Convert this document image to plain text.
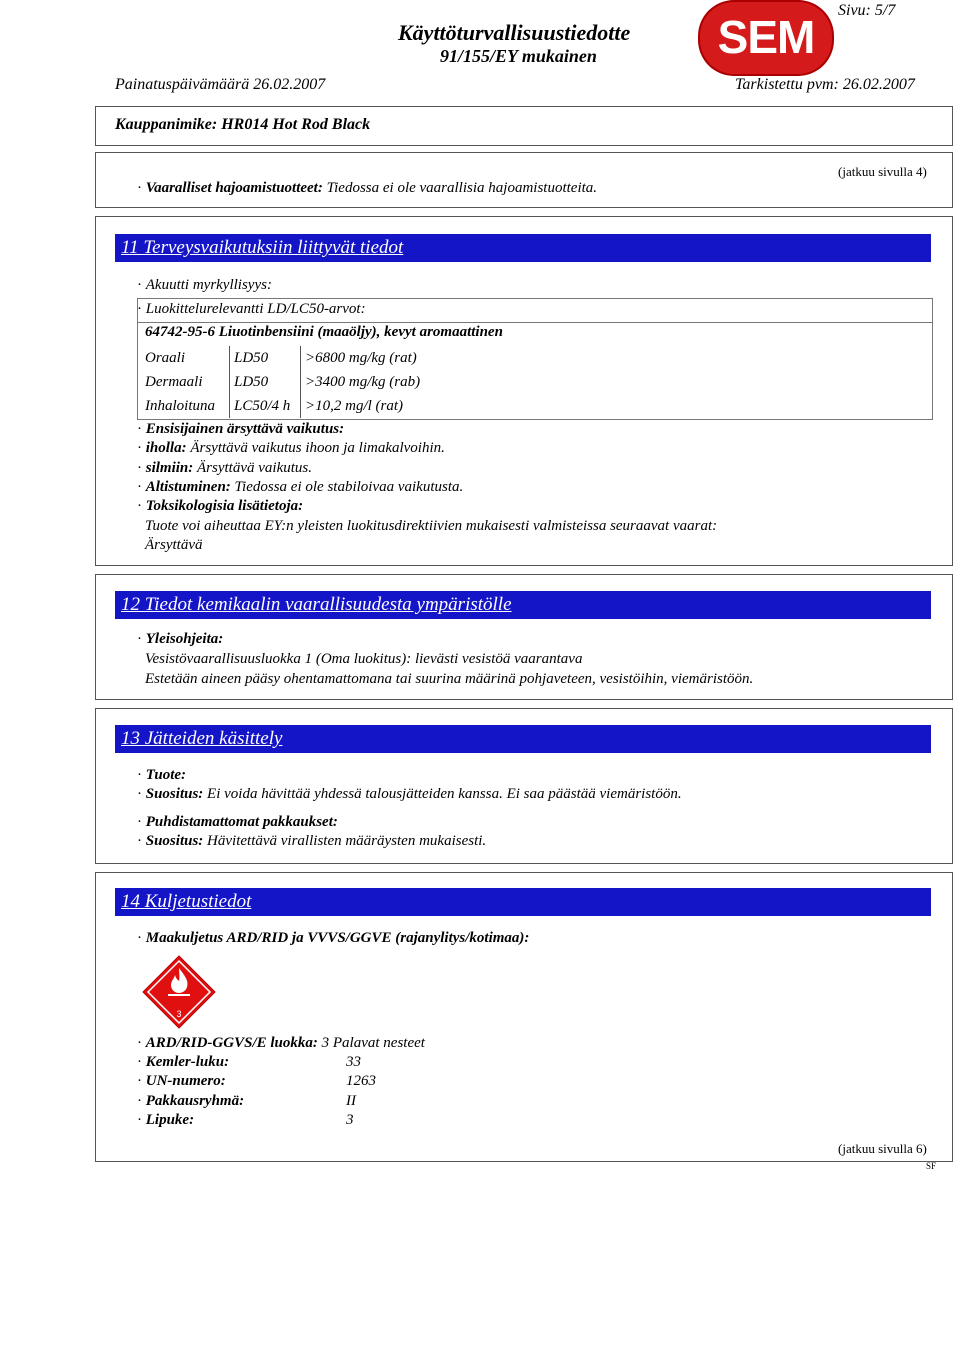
Sivu: 5/7
Käyttöturvallisuustiedotte
91/155/EY mukainen	SEM
Painatuspäivämäärä 26.02.2007	Tarkistettu pvm: 26.02.2007
Kauppanimike: HR014 Hot Rod Black
(jatkuu sivulla 4)
· Vaaralliset hajoamistuotteet: Tiedossa ei ole vaarallisia hajoamistuotteita.
11 Terveysvaikutuksiin liittyvät tiedot
· Akuutti myrkyllisyys:
· Luokittelurelevantti LD/LC50-arvot:
64742-95-6 Liuotinbensiini (maaöljy), kevyt aromaattinen
Oraali	LD50	>6800 mg/kg (rat)
Dermaali	LD50	>3400 mg/kg (rab)
Inhaloituna	LC50/4 h	>10,2 mg/l (rat)
· Ensisijainen ärsyttävä vaikutus:
· iholla: Ärsyttävä vaikutus ihoon ja limakalvoihin.
· silmiin: Ärsyttävä vaikutus.
· Altistuminen: Tiedossa ei ole stabiloivaa vaikutusta.
· Toksikologisia lisätietoja:
Tuote voi aiheuttaa EY:n yleisten luokitusdirektiivien mukaisesti valmisteissa seuraavat vaarat:
Ärsyttävä
12 Tiedot kemikaalin vaarallisuudesta ympäristölle
· Yleisohjeita:
Vesistövaarallisuusluokka 1 (Oma luokitus): lievästi vesistöä vaarantava
Estetään aineen pääsy ohentamattomana tai suurina määrinä pohjaveteen, vesistöihin, viemäristöön.
13 Jätteiden käsittely
· Tuote:
· Suositus: Ei voida hävittää yhdessä talousjätteiden kanssa. Ei saa päästää viemäristöön.
· Puhdistamattomat pakkaukset:
· Suositus: Hävitettävä virallisten määräysten mukaisesti.
14 Kuljetustiedot
· Maakuljetus ARD/RID ja VVVS/GGVE (rajanylitys/kotimaa):
3
· ARD/RID-GGVS/E luokka: 3 Palavat nesteet
· Kemler-luku:	33
· UN-numero:	1263
· Pakkausryhmä:	II
· Lipuke:	3
(jatkuu sivulla 6)
SF
